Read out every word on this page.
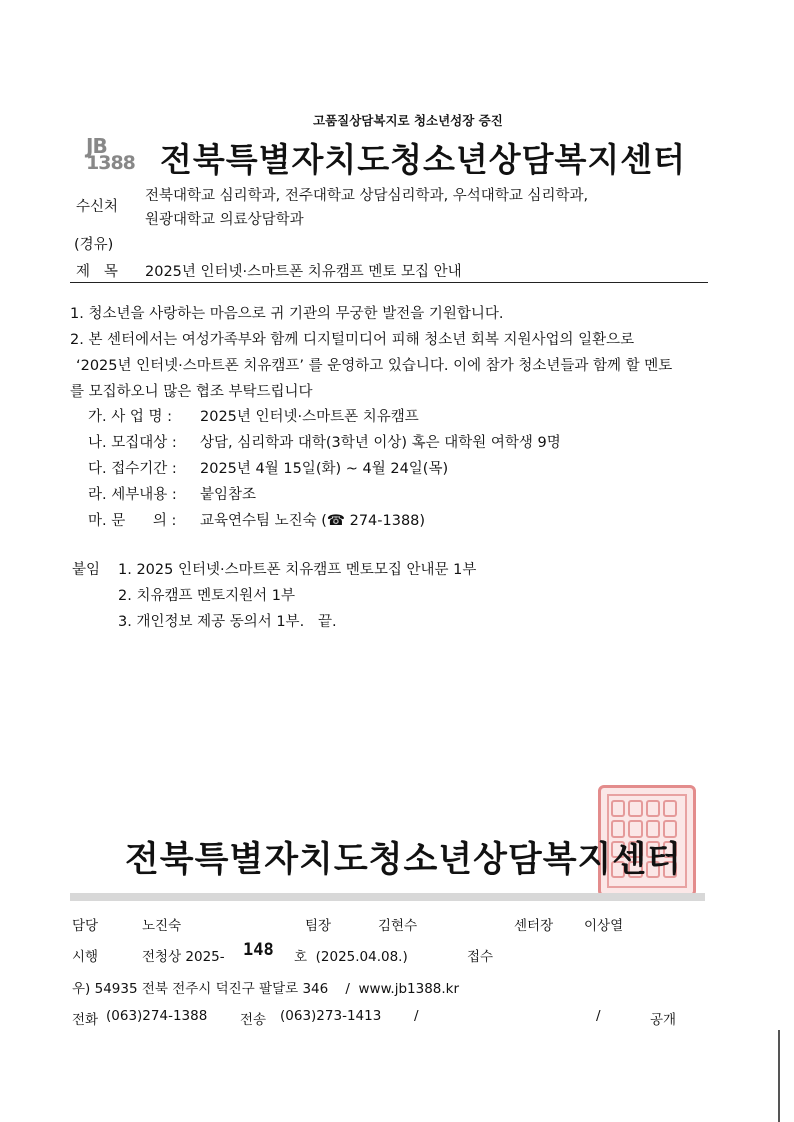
고품질상담복지로 청소년성장 증진
JB
1388 전북특별자치도청소년상담복지센터
수신처
전북대학교 심리학과, 전주대학교 상담심리학과, 우석대학교 심리학과,
원광대학교 의료상담학과
(경유)
제   목 2025년 인터넷·스마트폰 치유캠프 멘토 모집 안내
1. 청소년을 사랑하는 마음으로 귀 기관의 무궁한 발전을 기원합니다.
2. 본 센터에서는 여성가족부와 함께 디지털미디어 피해 청소년 회복 지원사업의 일환으로
‘2025년 인터넷·스마트폰 치유캠프’ 를 운영하고 있습니다. 이에 참가 청소년들과 함께 할 멘토
를 모집하오니 많은 협조 부탁드립니다
가. 사 업 명 : 2025년 인터넷·스마트폰 치유캠프
나. 모집대상 : 상담, 심리학과 대학(3학년 이상) 혹은 대학원 여학생 9명
다. 접수기간 : 2025년 4월 15일(화) ~ 4월 24일(목)
라. 세부내용 : 붙임참조
마. 문      의 : 교육연수팀 노진숙 (☎ 274-1388)
붙임 1. 2025 인터넷·스마트폰 치유캠프 멘토모집 안내문 1부
2. 치유캠프 멘토지원서 1부
3. 개인정보 제공 동의서 1부.   끝.
전북특별자치도청소년상담복지센터
담당	노진숙	팀장	김현수	센터장 이상열
시행	전청상 2025- 148 호  (2025.04.08.)	접수
우) 54935 전북 전주시 덕진구 팔달로 346    /  www.jb1388.kr
전화 (063)274-1388 전송 (063)273-1413 /	/	공개
